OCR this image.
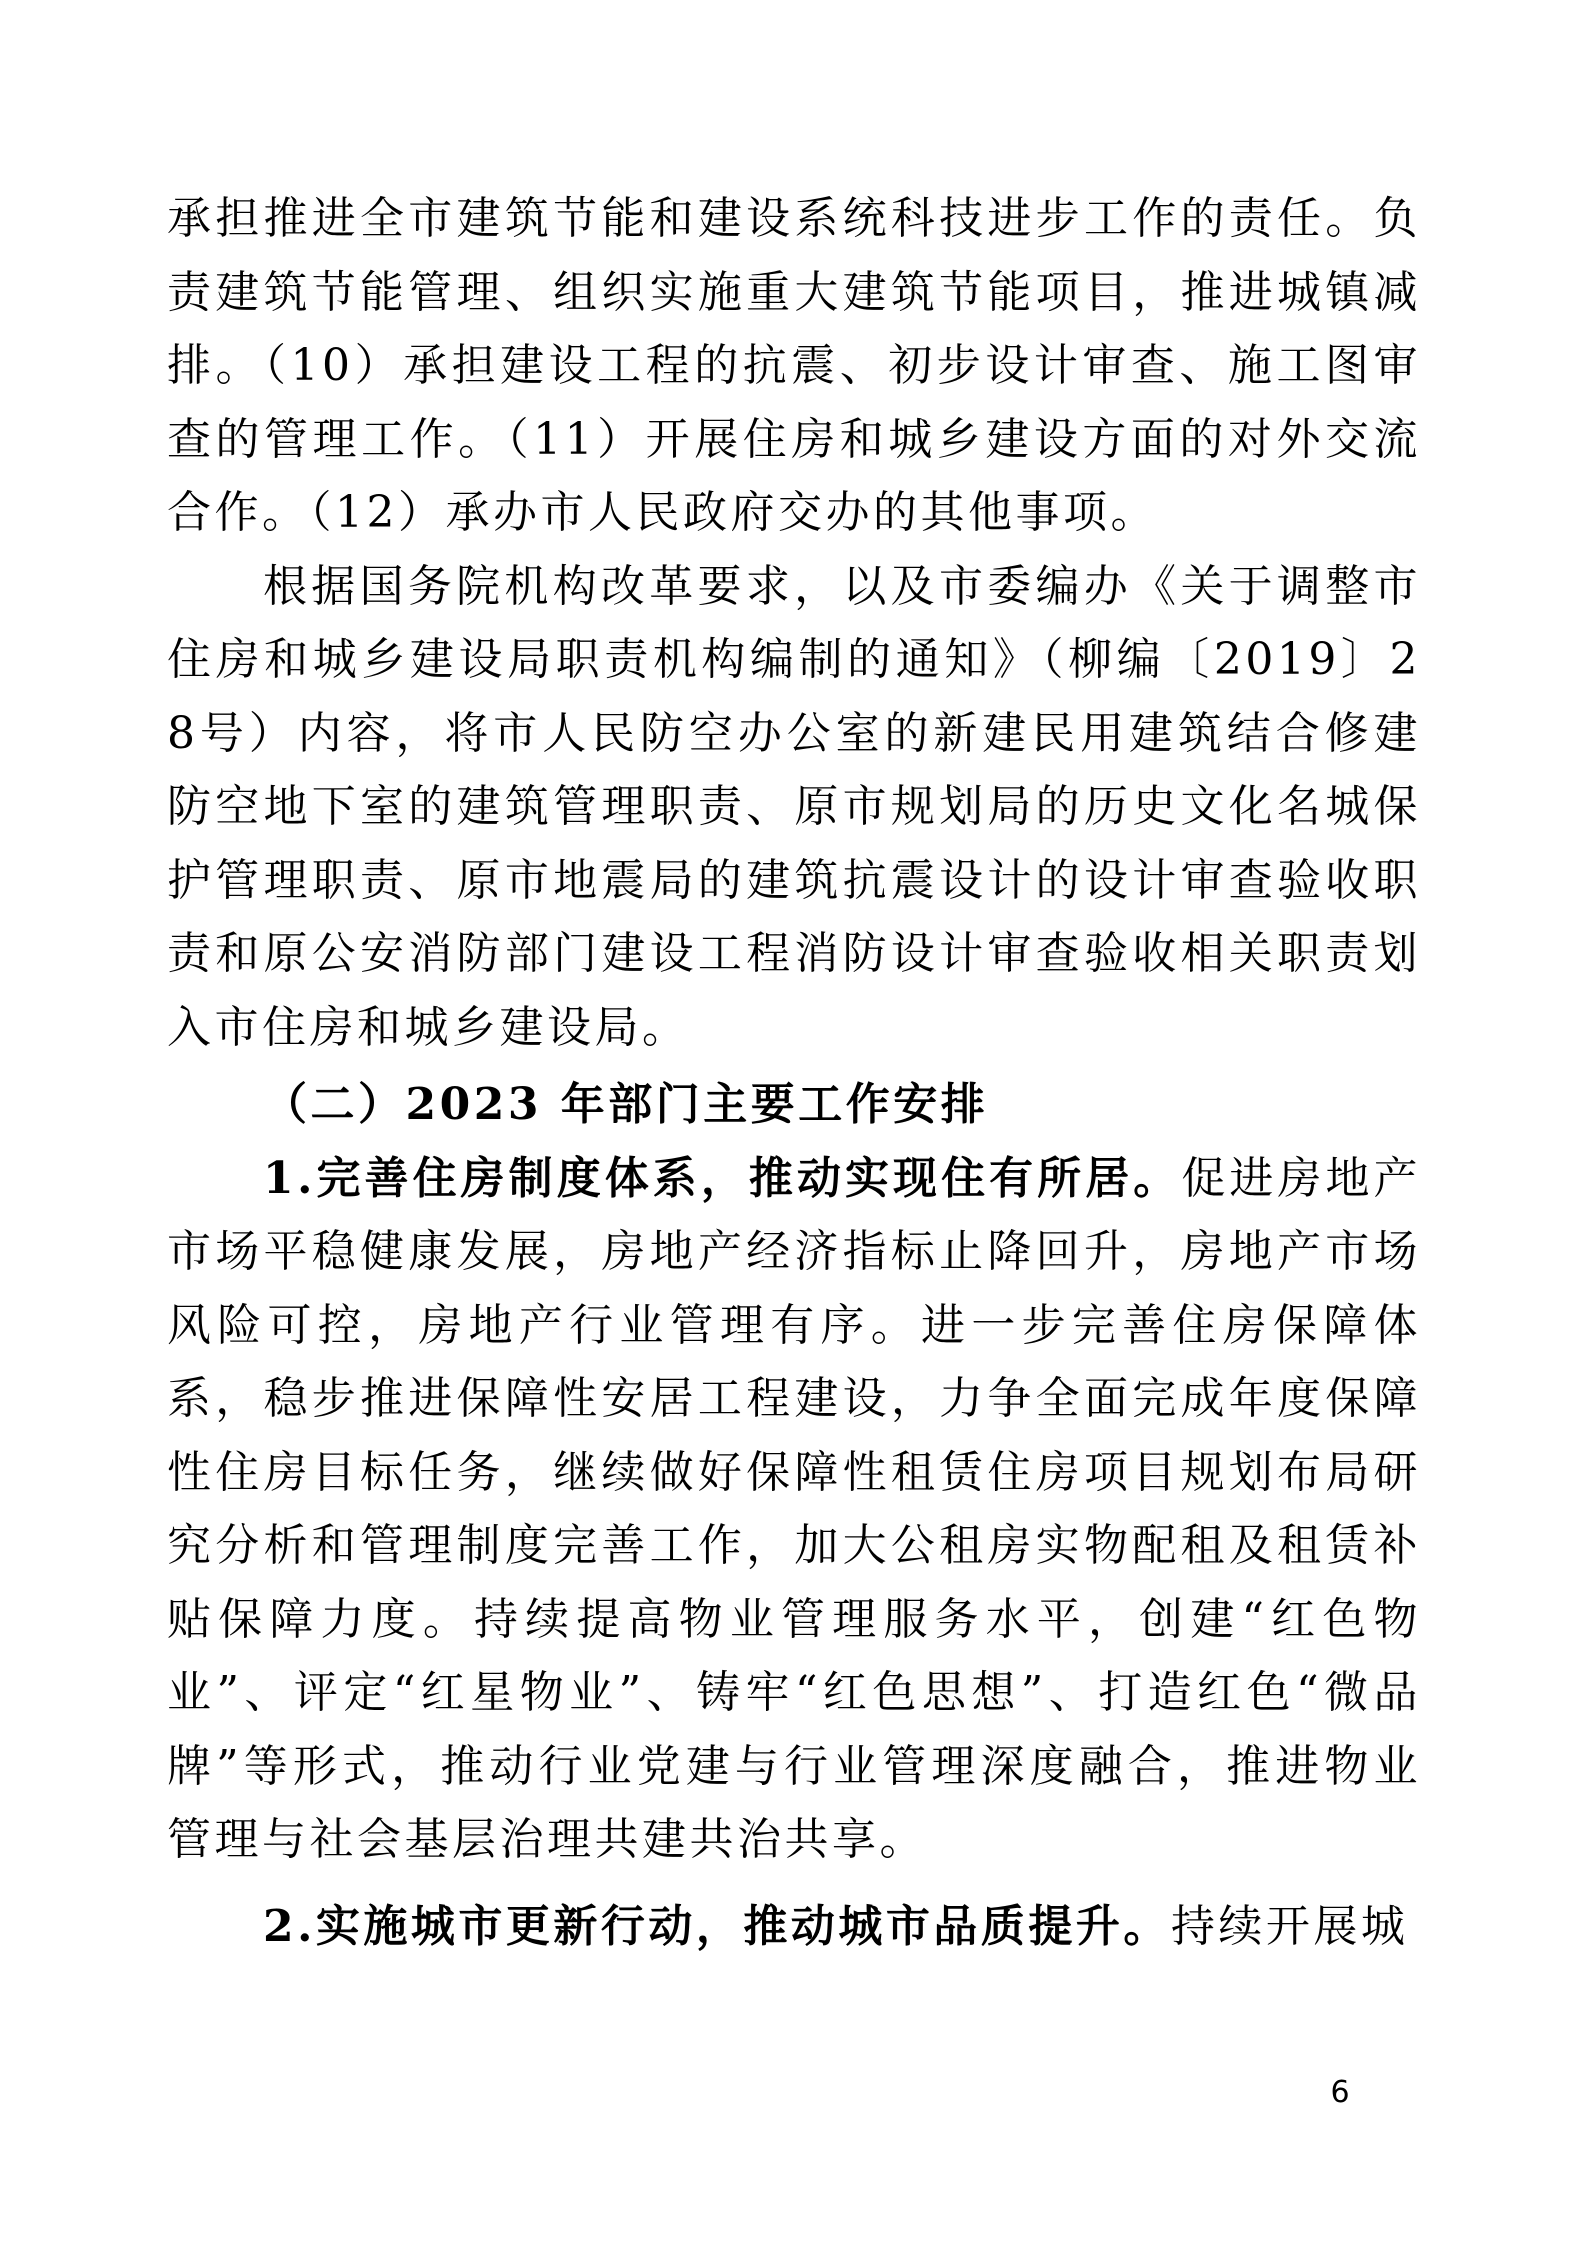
承担推进全市建筑节能和建设系统科技进步工作的责任。负责建筑节能管理、组织实施重大建筑节能项目，推进城镇减排。（10）承担建设工程的抗震、初步设计审查、施工图审查的管理工作。（11）开展住房和城乡建设方面的对外交流合作。（12）承办市人民政府交办的其他事项。

根据国务院机构改革要求，以及市委编办《关于调整市住房和城乡建设局职责机构编制的通知》（柳编〔2019〕28号）内容，将市人民防空办公室的新建民用建筑结合修建防空地下室的建筑管理职责、原市规划局的历史文化名城保护管理职责、原市地震局的建筑抗震设计的设计审查验收职责和原公安消防部门建设工程消防设计审查验收相关职责划入市住房和城乡建设局。

（二）2023 年部门主要工作安排

1.完善住房制度体系，推动实现住有所居。促进房地产市场平稳健康发展，房地产经济指标止降回升，房地产市场风险可控，房地产行业管理有序。进一步完善住房保障体系，稳步推进保障性安居工程建设，力争全面完成年度保障性住房目标任务，继续做好保障性租赁住房项目规划布局研究分析和管理制度完善工作，加大公租房实物配租及租赁补贴保障力度。持续提高物业管理服务水平，创建“红色物业”、评定“红星物业”、铸牢“红色思想”、打造红色“微品牌”等形式，推动行业党建与行业管理深度融合，推进物业管理与社会基层治理共建共治共享。

2.实施城市更新行动，推动城市品质提升。持续开展城

6
